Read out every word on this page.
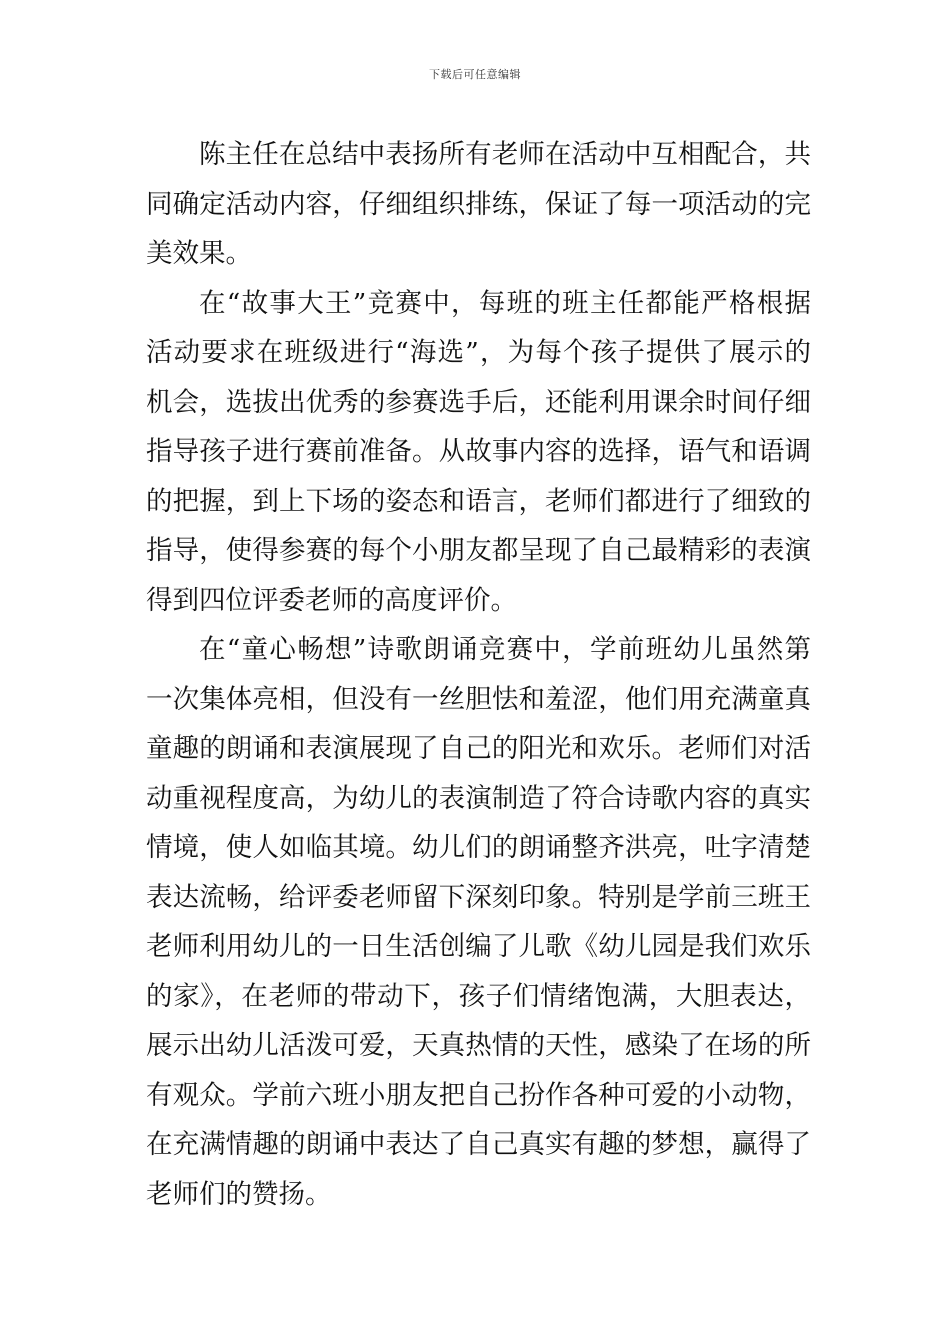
下载后可任意编辑
陈主任在总结中表扬所有老师在活动中互相配合，共
同确定活动内容，仔细组织排练，保证了每一项活动的完
美效果。
在“故事大王”竞赛中，每班的班主任都能严格根据
活动要求在班级进行“海选”，为每个孩子提供了展示的
机会，选拔出优秀的参赛选手后，还能利用课余时间仔细
指导孩子进行赛前准备。从故事内容的选择，语气和语调
的把握，到上下场的姿态和语言，老师们都进行了细致的
指导，使得参赛的每个小朋友都呈现了自己最精彩的表演
得到四位评委老师的高度评价。
在“童心畅想”诗歌朗诵竞赛中，学前班幼儿虽然第
一次集体亮相，但没有一丝胆怯和羞涩，他们用充满童真
童趣的朗诵和表演展现了自己的阳光和欢乐。老师们对活
动重视程度高，为幼儿的表演制造了符合诗歌内容的真实
情境，使人如临其境。幼儿们的朗诵整齐洪亮，吐字清楚
表达流畅，给评委老师留下深刻印象。特别是学前三班王
老师利用幼儿的一日生活创编了儿歌《幼儿园是我们欢乐
的家》，在老师的带动下，孩子们情绪饱满，大胆表达，
展示出幼儿活泼可爱，天真热情的天性，感染了在场的所
有观众。学前六班小朋友把自己扮作各种可爱的小动物，
在充满情趣的朗诵中表达了自己真实有趣的梦想，赢得了
老师们的赞扬。
